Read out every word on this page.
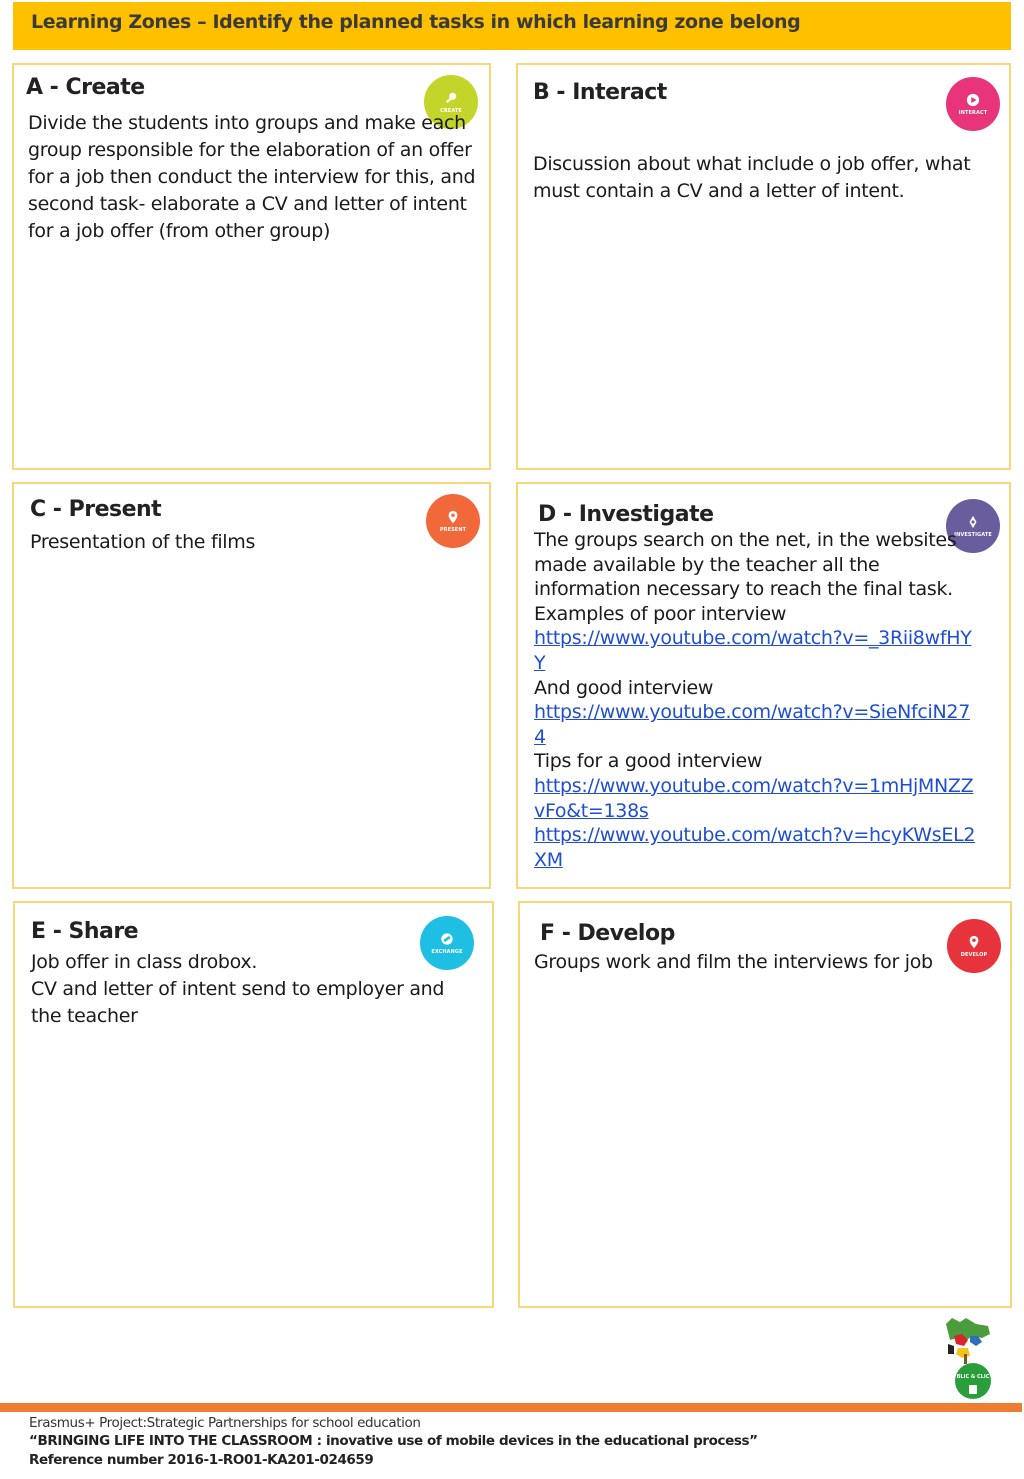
Learning Zones – Identify the planned tasks in which learning zone belong
A - Create
CREATE
Divide the students into groups and make each group responsible for the elaboration of an offer for a job then conduct the interview for this, and second task- elaborate a CV and letter of intent for a job offer (from other group)
B - Interact
INTERACT
Discussion about what include o job offer, what must contain a CV and a letter of intent.
C - Present
PRESENT
Presentation of the films
D - Investigate
INVESTIGATE

The groups search on the net, in the websites made available by the teacher all the information necessary to reach the final task.

Examples of poor interview

https://www.youtube.com/watch?v=_3Rii8wfHYY

And good interview

https://www.youtube.com/watch?v=SieNfciN274

Tips for a good interview

https://www.youtube.com/watch?v=1mHjMNZZvFo&t=138s

https://www.youtube.com/watch?v=hcyKWsEL2XM

E - Share
EXCHANGE

Job offer in class drobox.

CV and letter of intent send to employer and the teacher

F - Develop
DEVELOP
Groups work and film the interviews for job
BLIC & CLIC
Erasmus+ Project:Strategic Partnerships for school education
“BRINGING LIFE INTO THE CLASSROOM : inovative use of mobile devices in the educational process”
Reference number 2016-1-RO01-KA201-024659
